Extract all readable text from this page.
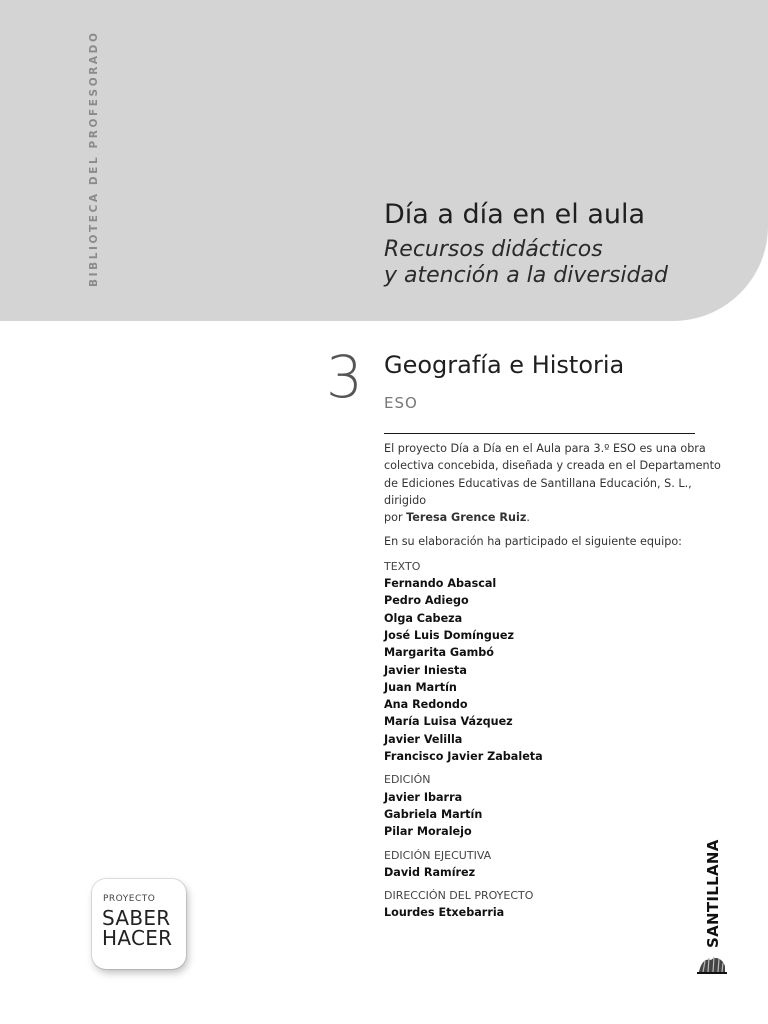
BIBLIOTECA DEL PROFESORADO	Día a día en el aula
Recursos didácticos
y atención a la diversidad
3 Geografía e Historia
ESO

El proyecto Día a Día en el Aula para 3.º ESO es una obra colectiva concebida, diseñada y creada en el Departamento de Ediciones Educativas de Santillana Educación, S. L., dirigido
por Teresa Grence Ruiz.

En su elaboración ha participado el siguiente equipo:

TEXTO
Fernando Abascal
Pedro Adiego
Olga Cabeza
José Luis Domínguez
Margarita Gambó
Javier Iniesta
Juan Martín
Ana Redondo
María Luisa Vázquez
Javier Velilla
Francisco Javier Zabaleta
EDICIÓN
Javier Ibarra
Gabriela Martín
Pilar Moralejo
EDICIÓN EJECUTIVA
David Ramírez
DIRECCIÓN DEL PROYECTO
Lourdes Etxebarria
PROYECTO
SABER
HACER	SANTILLANA
